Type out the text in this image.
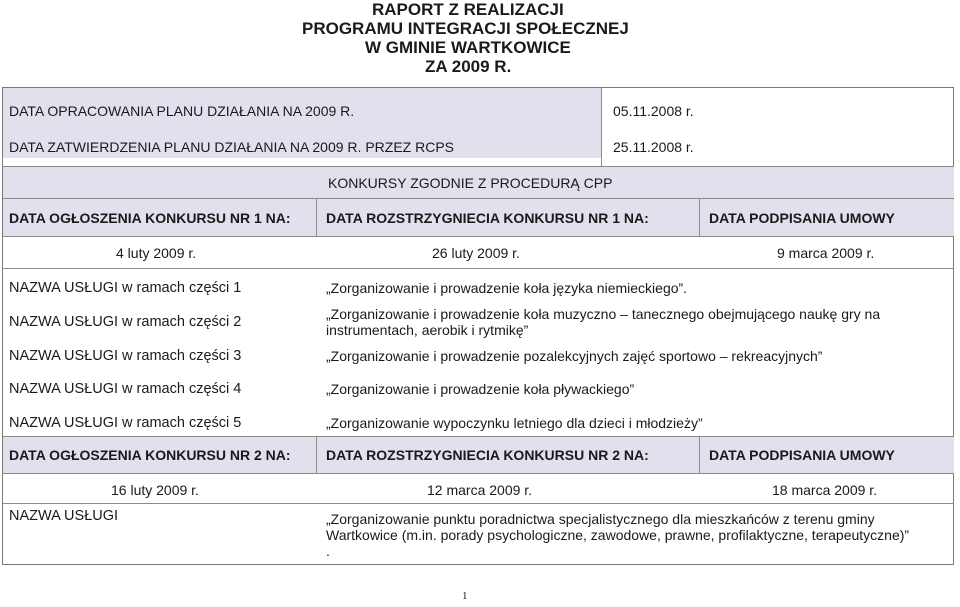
RAPORT Z REALIZACJI
PROGRAMU INTEGRACJI SPOŁECZNEJ
W GMINIE WARTKOWICE
ZA 2009 R.
DATA OPRACOWANIA PLANU DZIAŁANIA NA 2009 R.	05.11.2008 r.
DATA ZATWIERDZENIA PLANU DZIAŁANIA NA 2009 R. PRZEZ RCPS	25.11.2008 r.
KONKURSY ZGODNIE Z PROCEDURĄ CPP
DATA OGŁOSZENIA KONKURSU NR 1 NA:	DATA ROZSTRZYGNIECIA KONKURSU NR 1 NA:	DATA PODPISANIA UMOWY
4 luty 2009 r.	26 luty 2009 r.	9 marca 2009 r.
NAZWA USŁUGI w ramach części 1	„Zorganizowanie i prowadzenie koła języka niemieckiego”.
NAZWA USŁUGI w ramach części 2	„Zorganizowanie i prowadzenie koła muzyczno – tanecznego obejmującego naukę gry na
instrumentach, aerobik i rytmikę”
NAZWA USŁUGI w ramach części 3	„Zorganizowanie i prowadzenie pozalekcyjnych zajęć sportowo – rekreacyjnych”
NAZWA USŁUGI w ramach części 4	„Zorganizowanie i prowadzenie koła pływackiego”
NAZWA USŁUGI w ramach części 5	„Zorganizowanie wypoczynku letniego dla dzieci i młodzieży”
DATA OGŁOSZENIA KONKURSU NR 2 NA:	DATA ROZSTRZYGNIECIA KONKURSU NR 2 NA:	DATA PODPISANIA UMOWY
16 luty 2009 r.	12 marca 2009 r.	18 marca 2009 r.
NAZWA USŁUGI	„Zorganizowanie punktu poradnictwa specjalistycznego dla mieszkańców z terenu gminy
Wartkowice (m.in. porady psychologiczne, zawodowe, prawne, profilaktyczne, terapeutyczne)”
.
1
